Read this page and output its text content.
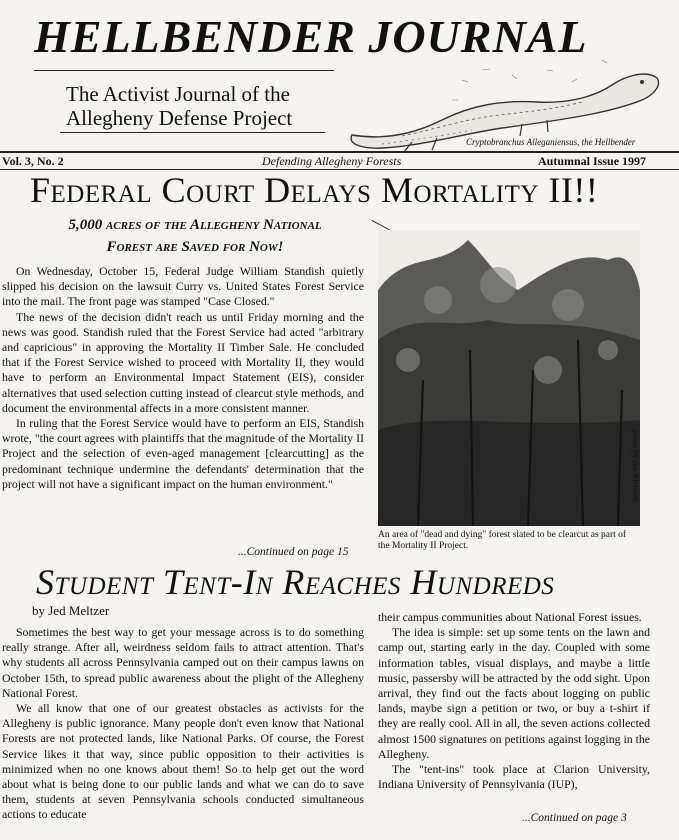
HELLBENDER JOURNAL
The Activist Journal of the
Allegheny Defense Project
Cryptobranchus Alleganiensus, the Hellbender
Vol. 3, No. 2	Defending Allegheny Forests	Autumnal Issue 1997
Federal Court Delays Mortality II!!
5,000 acres of the Allegheny National
Forest are Saved for Now!

On Wednesday, October 15, Federal Judge William Standish quietly slipped his decision on the lawsuit Curry vs. United States Forest Service into the mail. The front page was stamped "Case Closed."

The news of the decision didn't reach us until Friday morning and the news was good. Standish ruled that the Forest Service had acted "arbitrary and capricious" in approving the Mortality II Timber Sale. He concluded that if the Forest Service wished to proceed with Mortality II, they would have to perform an Environmental Impact Statement (EIS), consider alternatives that used selection cutting instead of clearcut style methods, and document the environmental affects in a more consistent manner.

In ruling that the Forest Service would have to perform an EIS, Standish wrote, "the court agrees with plaintiffs that the magnitude of the Mortality II Project and the selection of even-aged management [clearcutting] as the predominant technique undermine the defendants' determination that the project will not have a significant impact on the human environment."

...Continued on page 15
photo by Jim Kleissler
An area of "dead and dying" forest slated to be clearcut as part of the Mortality II Project.
Student Tent-In Reaches Hundreds
by Jed Meltzer

Sometimes the best way to get your message across is to do something really strange. After all, weirdness seldom fails to attract attention. That's why students all across Pennsylvania camped out on their campus lawns on October 15th, to spread public awareness about the plight of the Allegheny National Forest.

We all know that one of our greatest obstacles as activists for the Allegheny is public ignorance. Many people don't even know that National Forests are not protected lands, like National Parks. Of course, the Forest Service likes it that way, since public opposition to their activities is minimized when no one knows about them! So to help get out the word about what is being done to our public lands and what we can do to save them, students at seven Pennsylvania schools conducted simultaneous actions to educate

their campus communities about National Forest issues.

The idea is simple: set up some tents on the lawn and camp out, starting early in the day. Coupled with some information tables, visual displays, and maybe a little music, passersby will be attracted by the odd sight. Upon arrival, they find out the facts about logging on public lands, maybe sign a petition or two, or buy a t-shirt if they are really cool. All in all, the seven actions collected almost 1500 signatures on petitions against logging in the Allegheny.

The "tent-ins" took place at Clarion University, Indiana University of Pennsylvania (IUP),

...Continued on page 3
